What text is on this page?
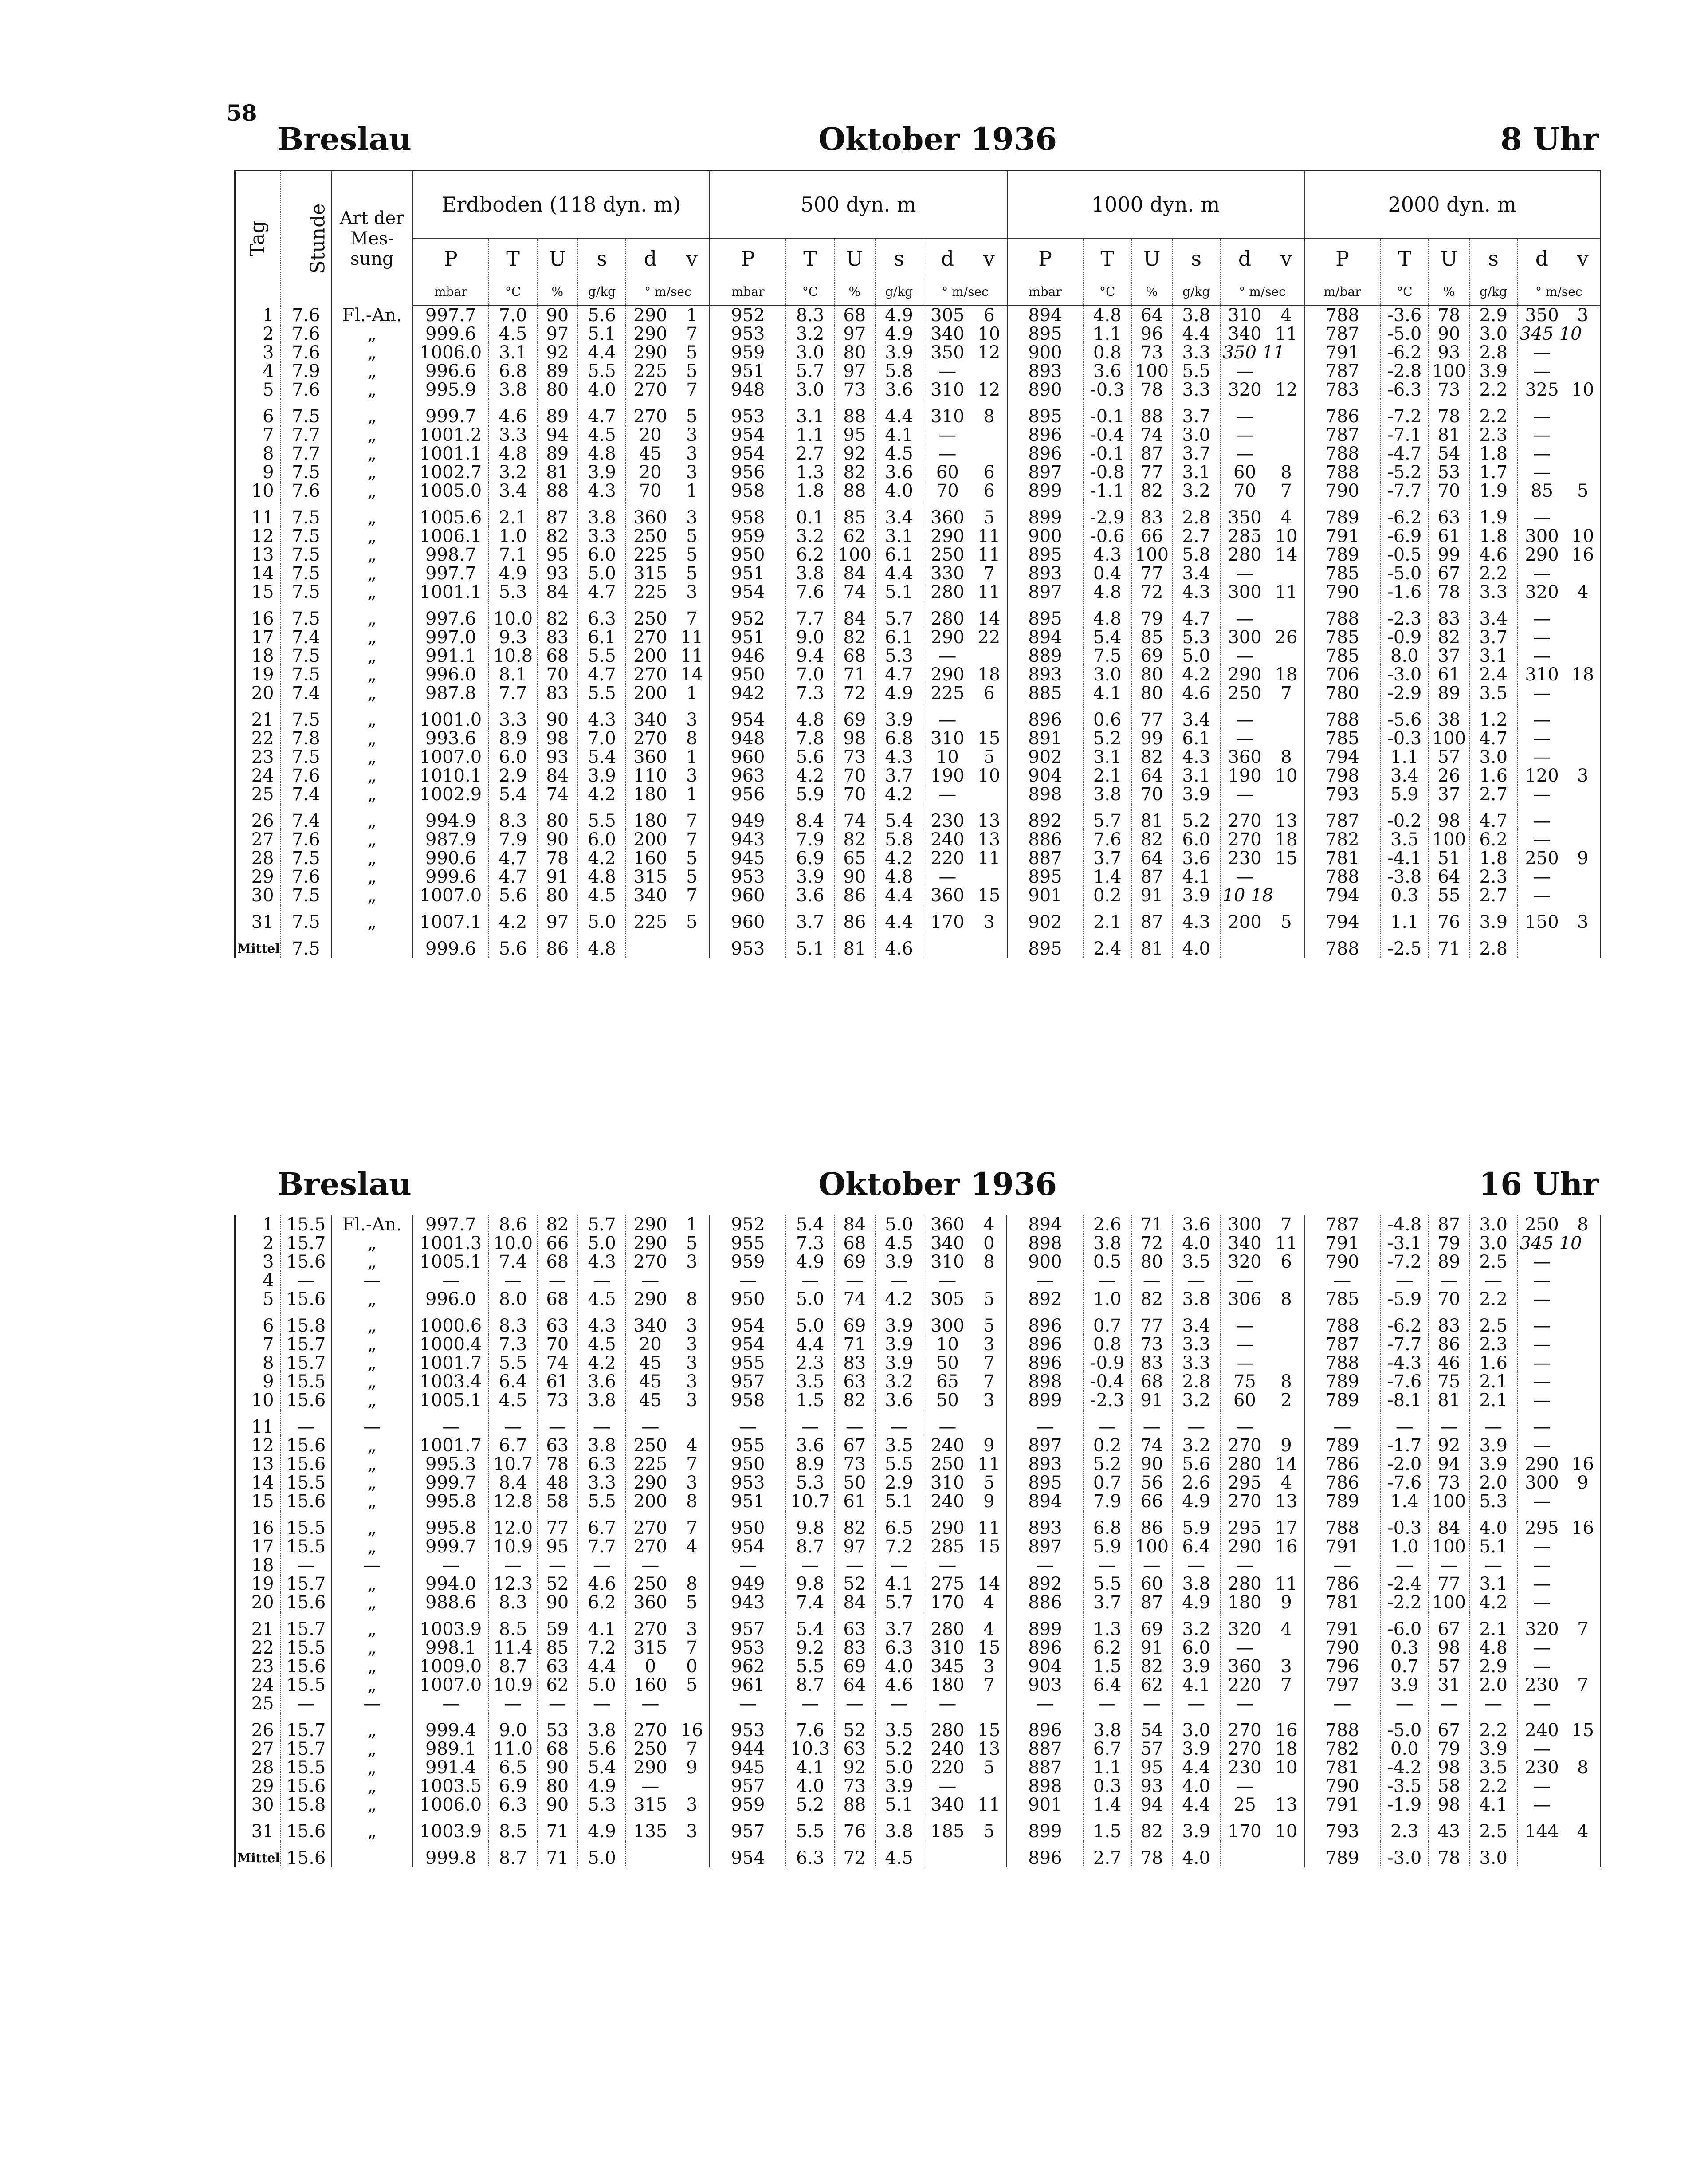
58
Breslau	Oktober 1936	8 Uhr
Tag	Stunde	Art der Mes-sung	Erdboden (118 dyn. m)						500 dyn. m						1000 dyn. m						2000 dyn. m					
			P	T	U	s	d	v	P	T	U	s	d	v	P	T	U	s	d	v	P	T	U	s	d	v
			mbar	°C	%	g/kg	° m/sec		mbar	°C	%	g/kg	° m/sec		mbar	°C	%	g/kg	° m/sec		m/bar	°C	%	g/kg	° m/sec	
1	7.6	Fl.-An.	997.7	7.0	90	5.6	290	1	952	8.3	68	4.9	305	6	894	4.8	64	3.8	310	4	788	-3.6	78	2.9	350	3
2	7.6	„	999.6	4.5	97	5.1	290	7	953	3.2	97	4.9	340	10	895	1.1	96	4.4	340	11	787	-5.0	90	3.0	345 10	
3	7.6	„	1006.0	3.1	92	4.4	290	5	959	3.0	80	3.9	350	12	900	0.8	73	3.3	350 11		791	-6.2	93	2.8	—	
4	7.9	„	996.6	6.8	89	5.5	225	5	951	5.7	97	5.8	—		893	3.6	100	5.5	—		787	-2.8	100	3.9	—	
5	7.6	„	995.9	3.8	80	4.0	270	7	948	3.0	73	3.6	310	12	890	-0.3	78	3.3	320	12	783	-6.3	73	2.2	325	10
6	7.5	„	999.7	4.6	89	4.7	270	5	953	3.1	88	4.4	310	8	895	-0.1	88	3.7	—		786	-7.2	78	2.2	—	
7	7.7	„	1001.2	3.3	94	4.5	20	3	954	1.1	95	4.1	—		896	-0.4	74	3.0	—		787	-7.1	81	2.3	—	
8	7.7	„	1001.1	4.8	89	4.8	45	3	954	2.7	92	4.5	—		896	-0.1	87	3.7	—		788	-4.7	54	1.8	—	
9	7.5	„	1002.7	3.2	81	3.9	20	3	956	1.3	82	3.6	60	6	897	-0.8	77	3.1	60	8	788	-5.2	53	1.7	—	
10	7.6	„	1005.0	3.4	88	4.3	70	1	958	1.8	88	4.0	70	6	899	-1.1	82	3.2	70	7	790	-7.7	70	1.9	85	5
11	7.5	„	1005.6	2.1	87	3.8	360	3	958	0.1	85	3.4	360	5	899	-2.9	83	2.8	350	4	789	-6.2	63	1.9	—	
12	7.5	„	1006.1	1.0	82	3.3	250	5	959	3.2	62	3.1	290	11	900	-0.6	66	2.7	285	10	791	-6.9	61	1.8	300	10
13	7.5	„	998.7	7.1	95	6.0	225	5	950	6.2	100	6.1	250	11	895	4.3	100	5.8	280	14	789	-0.5	99	4.6	290	16
14	7.5	„	997.7	4.9	93	5.0	315	5	951	3.8	84	4.4	330	7	893	0.4	77	3.4	—		785	-5.0	67	2.2	—	
15	7.5	„	1001.1	5.3	84	4.7	225	3	954	7.6	74	5.1	280	11	897	4.8	72	4.3	300	11	790	-1.6	78	3.3	320	4
16	7.5	„	997.6	10.0	82	6.3	250	7	952	7.7	84	5.7	280	14	895	4.8	79	4.7	—		788	-2.3	83	3.4	—	
17	7.4	„	997.0	9.3	83	6.1	270	11	951	9.0	82	6.1	290	22	894	5.4	85	5.3	300	26	785	-0.9	82	3.7	—	
18	7.5	„	991.1	10.8	68	5.5	200	11	946	9.4	68	5.3	—		889	7.5	69	5.0	—		785	8.0	37	3.1	—	
19	7.5	„	996.0	8.1	70	4.7	270	14	950	7.0	71	4.7	290	18	893	3.0	80	4.2	290	18	706	-3.0	61	2.4	310	18
20	7.4	„	987.8	7.7	83	5.5	200	1	942	7.3	72	4.9	225	6	885	4.1	80	4.6	250	7	780	-2.9	89	3.5	—	
21	7.5	„	1001.0	3.3	90	4.3	340	3	954	4.8	69	3.9	—		896	0.6	77	3.4	—		788	-5.6	38	1.2	—	
22	7.8	„	993.6	8.9	98	7.0	270	8	948	7.8	98	6.8	310	15	891	5.2	99	6.1	—		785	-0.3	100	4.7	—	
23	7.5	„	1007.0	6.0	93	5.4	360	1	960	5.6	73	4.3	10	5	902	3.1	82	4.3	360	8	794	1.1	57	3.0	—	
24	7.6	„	1010.1	2.9	84	3.9	110	3	963	4.2	70	3.7	190	10	904	2.1	64	3.1	190	10	798	3.4	26	1.6	120	3
25	7.4	„	1002.9	5.4	74	4.2	180	1	956	5.9	70	4.2	—		898	3.8	70	3.9	—		793	5.9	37	2.7	—	
26	7.4	„	994.9	8.3	80	5.5	180	7	949	8.4	74	5.4	230	13	892	5.7	81	5.2	270	13	787	-0.2	98	4.7	—	
27	7.6	„	987.9	7.9	90	6.0	200	7	943	7.9	82	5.8	240	13	886	7.6	82	6.0	270	18	782	3.5	100	6.2	—	
28	7.5	„	990.6	4.7	78	4.2	160	5	945	6.9	65	4.2	220	11	887	3.7	64	3.6	230	15	781	-4.1	51	1.8	250	9
29	7.6	„	999.6	4.7	91	4.8	315	5	953	3.9	90	4.8	—		895	1.4	87	4.1	—		788	-3.8	64	2.3	—	
30	7.5	„	1007.0	5.6	80	4.5	340	7	960	3.6	86	4.4	360	15	901	0.2	91	3.9	10 18		794	0.3	55	2.7	—	
31	7.5	„	1007.1	4.2	97	5.0	225	5	960	3.7	86	4.4	170	3	902	2.1	87	4.3	200	5	794	1.1	76	3.9	150	3
Mittel	7.5		999.6	5.6	86	4.8			953	5.1	81	4.6			895	2.4	81	4.0			788	-2.5	71	2.8		
Breslau	Oktober 1936	16 Uhr
1	15.5	Fl.-An.	997.7	8.6	82	5.7	290	1	952	5.4	84	5.0	360	4	894	2.6	71	3.6	300	7	787	-4.8	87	3.0	250	8
2	15.7	„	1001.3	10.0	66	5.0	290	5	955	7.3	68	4.5	340	0	898	3.8	72	4.0	340	11	791	-3.1	79	3.0	345 10	
3	15.6	„	1005.1	7.4	68	4.3	270	3	959	4.9	69	3.9	310	8	900	0.5	80	3.5	320	6	790	-7.2	89	2.5	—	
4	—	—	—	—	—	—	—		—	—	—	—	—		—	—	—	—	—		—	—	—	—	—	
5	15.6	„	996.0	8.0	68	4.5	290	8	950	5.0	74	4.2	305	5	892	1.0	82	3.8	306	8	785	-5.9	70	2.2	—	
6	15.8	„	1000.6	8.3	63	4.3	340	3	954	5.0	69	3.9	300	5	896	0.7	77	3.4	—		788	-6.2	83	2.5	—	
7	15.7	„	1000.4	7.3	70	4.5	20	3	954	4.4	71	3.9	10	3	896	0.8	73	3.3	—		787	-7.7	86	2.3	—	
8	15.7	„	1001.7	5.5	74	4.2	45	3	955	2.3	83	3.9	50	7	896	-0.9	83	3.3	—		788	-4.3	46	1.6	—	
9	15.5	„	1003.4	6.4	61	3.6	45	3	957	3.5	63	3.2	65	7	898	-0.4	68	2.8	75	8	789	-7.6	75	2.1	—	
10	15.6	„	1005.1	4.5	73	3.8	45	3	958	1.5	82	3.6	50	3	899	-2.3	91	3.2	60	2	789	-8.1	81	2.1	—	
11	—	—	—	—	—	—	—		—	—	—	—	—		—	—	—	—	—		—	—	—	—	—	
12	15.6	„	1001.7	6.7	63	3.8	250	4	955	3.6	67	3.5	240	9	897	0.2	74	3.2	270	9	789	-1.7	92	3.9	—	
13	15.6	„	995.3	10.7	78	6.3	225	7	950	8.9	73	5.5	250	11	893	5.2	90	5.6	280	14	786	-2.0	94	3.9	290	16
14	15.5	„	999.7	8.4	48	3.3	290	3	953	5.3	50	2.9	310	5	895	0.7	56	2.6	295	4	786	-7.6	73	2.0	300	9
15	15.6	„	995.8	12.8	58	5.5	200	8	951	10.7	61	5.1	240	9	894	7.9	66	4.9	270	13	789	1.4	100	5.3	—	
16	15.5	„	995.8	12.0	77	6.7	270	7	950	9.8	82	6.5	290	11	893	6.8	86	5.9	295	17	788	-0.3	84	4.0	295	16
17	15.5	„	999.7	10.9	95	7.7	270	4	954	8.7	97	7.2	285	15	897	5.9	100	6.4	290	16	791	1.0	100	5.1	—	
18	—	—	—	—	—	—	—		—	—	—	—	—		—	—	—	—	—		—	—	—	—	—	
19	15.7	„	994.0	12.3	52	4.6	250	8	949	9.8	52	4.1	275	14	892	5.5	60	3.8	280	11	786	-2.4	77	3.1	—	
20	15.6	„	988.6	8.3	90	6.2	360	5	943	7.4	84	5.7	170	4	886	3.7	87	4.9	180	9	781	-2.2	100	4.2	—	
21	15.7	„	1003.9	8.5	59	4.1	270	3	957	5.4	63	3.7	280	4	899	1.3	69	3.2	320	4	791	-6.0	67	2.1	320	7
22	15.5	„	998.1	11.4	85	7.2	315	7	953	9.2	83	6.3	310	15	896	6.2	91	6.0	—		790	0.3	98	4.8	—	
23	15.6	„	1009.0	8.7	63	4.4	0	0	962	5.5	69	4.0	345	3	904	1.5	82	3.9	360	3	796	0.7	57	2.9	—	
24	15.5	„	1007.0	10.9	62	5.0	160	5	961	8.7	64	4.6	180	7	903	6.4	62	4.1	220	7	797	3.9	31	2.0	230	7
25	—	—	—	—	—	—	—		—	—	—	—	—		—	—	—	—	—		—	—	—	—	—	
26	15.7	„	999.4	9.0	53	3.8	270	16	953	7.6	52	3.5	280	15	896	3.8	54	3.0	270	16	788	-5.0	67	2.2	240	15
27	15.7	„	989.1	11.0	68	5.6	250	7	944	10.3	63	5.2	240	13	887	6.7	57	3.9	270	18	782	0.0	79	3.9	—	
28	15.5	„	991.4	6.5	90	5.4	290	9	945	4.1	92	5.0	220	5	887	1.1	95	4.4	230	10	781	-4.2	98	3.5	230	8
29	15.6	„	1003.5	6.9	80	4.9	—		957	4.0	73	3.9	—		898	0.3	93	4.0	—		790	-3.5	58	2.2	—	
30	15.8	„	1006.0	6.3	90	5.3	315	3	959	5.2	88	5.1	340	11	901	1.4	94	4.4	25	13	791	-1.9	98	4.1	—	
31	15.6	„	1003.9	8.5	71	4.9	135	3	957	5.5	76	3.8	185	5	899	1.5	82	3.9	170	10	793	2.3	43	2.5	144	4
Mittel	15.6		999.8	8.7	71	5.0			954	6.3	72	4.5			896	2.7	78	4.0			789	-3.0	78	3.0		
